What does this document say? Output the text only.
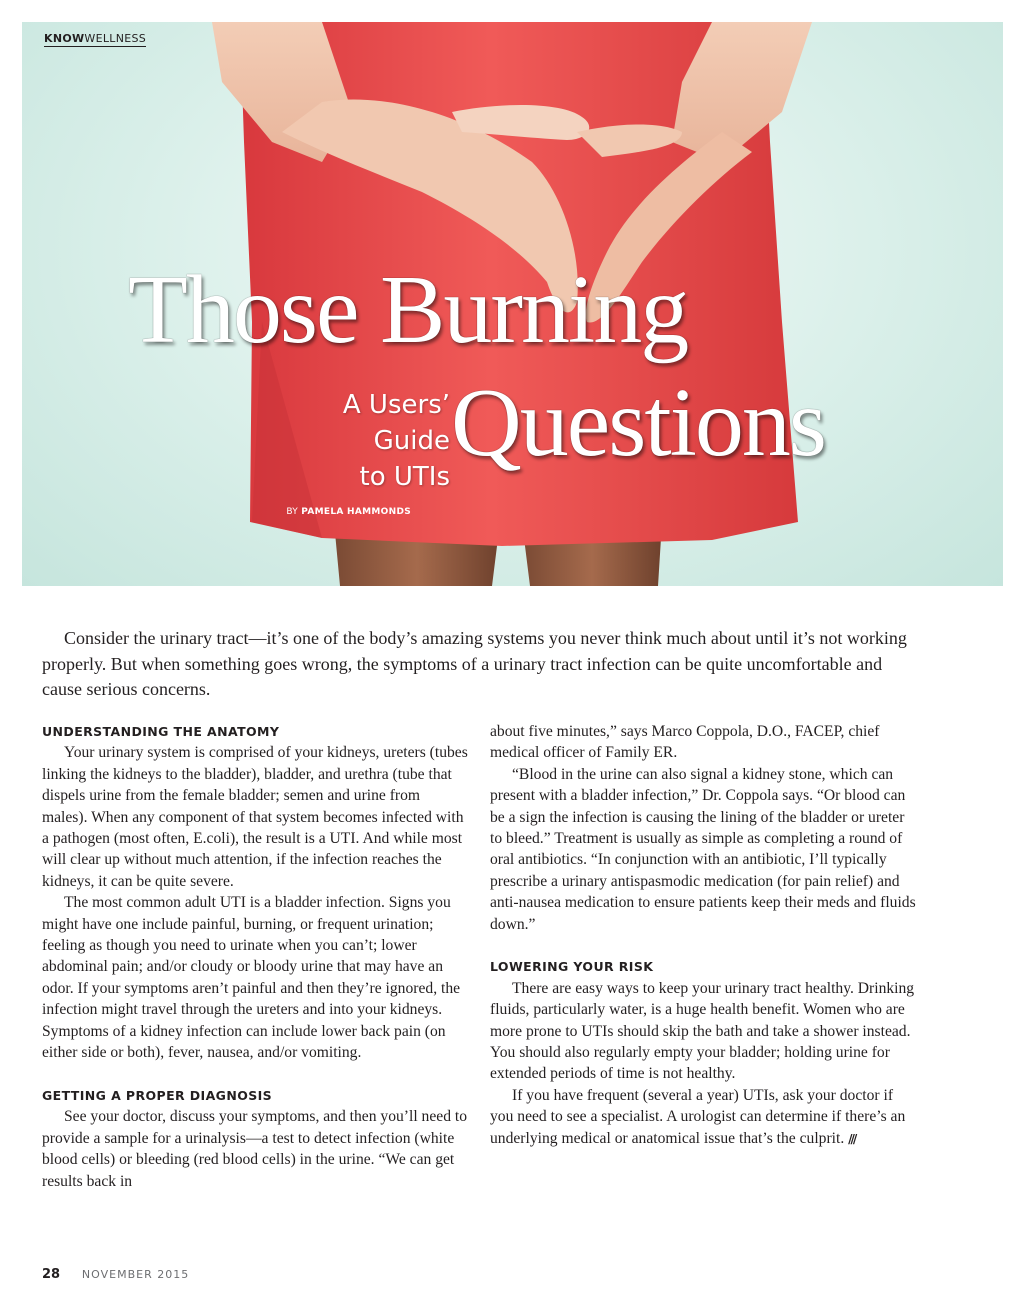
KNOWWELLNESS
Those Burning
Questions
A Users’
Guide
to UTIs
BY PAMELA HAMMONDS

Consider the urinary tract—it’s one of the body’s amazing systems you never think much about until it’s not working properly. But when something goes wrong, the symptoms of a urinary tract infection can be quite uncomfortable and cause serious concerns.

UNDERSTANDING THE ANATOMY

Your urinary system is comprised of your kidneys, ureters (tubes linking the kidneys to the bladder), bladder, and urethra (tube that dispels urine from the female bladder; semen and urine from males). When any component of that system becomes infected with a pathogen (most often, E.coli), the result is a UTI. And while most will clear up without much attention, if the infection reaches the kidneys, it can be quite severe.

The most common adult UTI is a bladder infection. Signs you might have one include painful, burning, or frequent urination; feeling as though you need to urinate when you can’t; lower abdominal pain; and/or cloudy or bloody urine that may have an odor. If your symptoms aren’t painful and then they’re ignored, the infection might travel through the ureters and into your kidneys. Symptoms of a kidney infection can include lower back pain (on either side or both), fever, nausea, and/or vomiting.

GETTING A PROPER DIAGNOSIS

See your doctor, discuss your symptoms, and then you’ll need to provide a sample for a urinalysis—a test to detect infection (white blood cells) or bleeding (red blood cells) in the urine. “We can get results back in

about five minutes,” says Marco Coppola, D.O., FACEP, chief medical officer of Family ER.

“Blood in the urine can also signal a kidney stone, which can present with a bladder infection,” Dr. Coppola says. “Or blood can be a sign the infection is causing the lining of the bladder or ureter to bleed.” Treatment is usually as simple as completing a round of oral antibiotics. “In conjunction with an antibiotic, I’ll typically prescribe a urinary antispasmodic medication (for pain relief) and anti-nausea medication to ensure patients keep their meds and fluids down.”

LOWERING YOUR RISK

There are easy ways to keep your urinary tract healthy. Drinking fluids, particularly water, is a huge health benefit. Women who are more prone to UTIs should skip the bath and take a shower instead. You should also regularly empty your bladder; holding urine for extended periods of time is not healthy.

If you have frequent (several a year) UTIs, ask your doctor if you need to see a specialist. A urologist can determine if there’s an underlying medical or anatomical issue that’s the culprit. ///

28 NOVEMBER 2015
